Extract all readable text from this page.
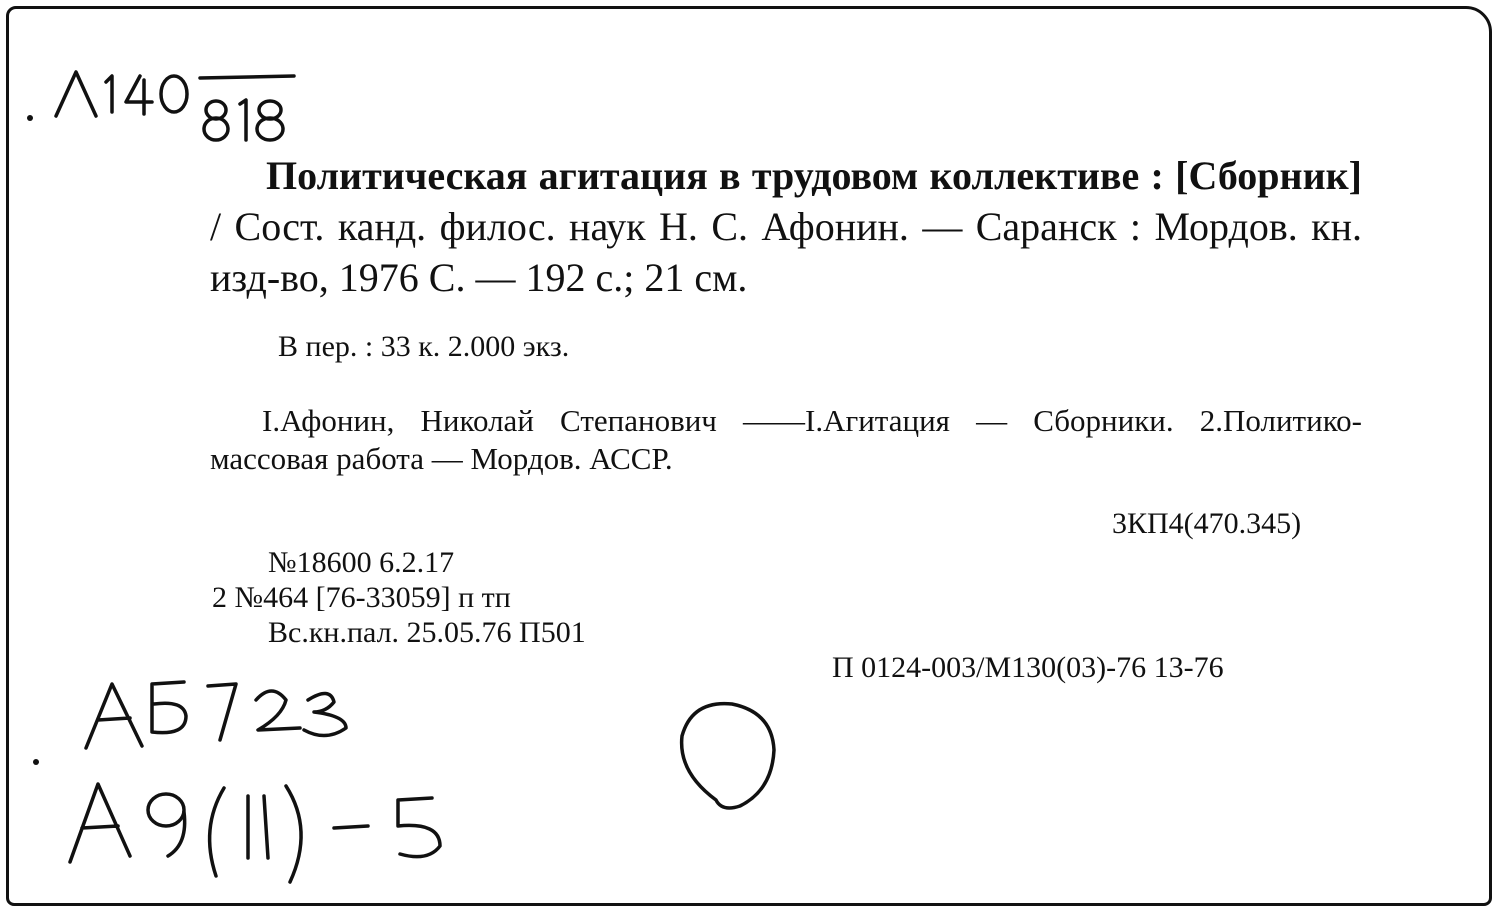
Политическая агитация в трудовом коллективе : [Сборник] / Сост. канд. филос. наук Н. С. Афонин. — Саранск : Мордов. кн. изд-во, 1976 С. — 192 с.; 21 см.
В пер. : 33 к. 2.000 экз.
I.Афонин, Николай Степанович ——I.Агитация — Сборники. 2.Политико-массовая работа — Мордов. АССР.
3КП4(470.345)
№18600 6.2.17
2 №464 [76-33059] п тп
Вс.кн.пал. 25.05.76 П501
П 0124-003/М130(03)-76 13-76
